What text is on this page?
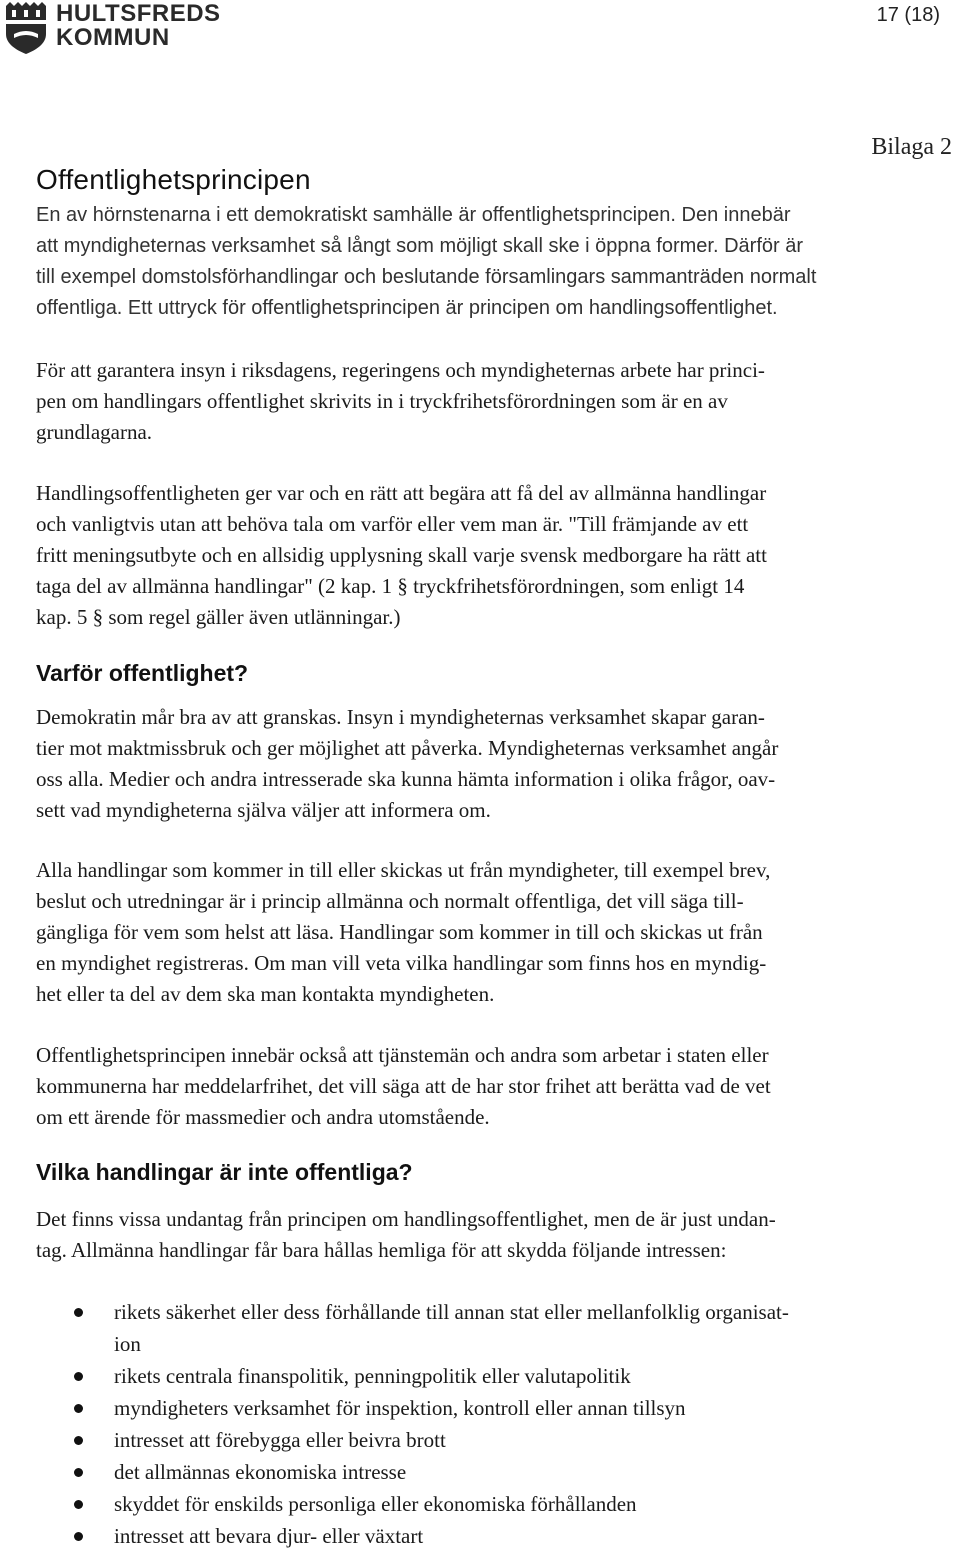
HULTSFREDS
KOMMUN
17 (18)
Bilaga 2
Offentlighetsprincipen
En av hörnstenarna i ett demokratiskt samhälle är offentlighetsprincipen. Den innebär
att myndigheternas verksamhet så långt som möjligt skall ske i öppna former. Därför är
till exempel domstolsförhandlingar och beslutande församlingars sammanträden normalt
offentliga. Ett uttryck för offentlighetsprincipen är principen om handlingsoffentlighet.
För att garantera insyn i riksdagens, regeringens och myndigheternas arbete har princi-
pen om handlingars offentlighet skrivits in i tryckfrihetsförordningen som är en av
grundlagarna.
Handlingsoffentligheten ger var och en rätt att begära att få del av allmänna handlingar
och vanligtvis utan att behöva tala om varför eller vem man är. "Till främjande av ett
fritt meningsutbyte och en allsidig upplysning skall varje svensk medborgare ha rätt att
taga del av allmänna handlingar" (2 kap. 1 § tryckfrihetsförordningen, som enligt 14
kap. 5 § som regel gäller även utlänningar.)
Varför offentlighet?
Demokratin mår bra av att granskas. Insyn i myndigheternas verksamhet skapar garan-
tier mot maktmissbruk och ger möjlighet att påverka. Myndigheternas verksamhet angår
oss alla. Medier och andra intresserade ska kunna hämta information i olika frågor, oav-
sett vad myndigheterna själva väljer att informera om.
Alla handlingar som kommer in till eller skickas ut från myndigheter, till exempel brev,
beslut och utredningar är i princip allmänna och normalt offentliga, det vill säga till-
gängliga för vem som helst att läsa. Handlingar som kommer in till och skickas ut från
en myndighet registreras. Om man vill veta vilka handlingar som finns hos en myndig-
het eller ta del av dem ska man kontakta myndigheten.
Offentlighetsprincipen innebär också att tjänstemän och andra som arbetar i staten eller
kommunerna har meddelarfrihet, det vill säga att de har stor frihet att berätta vad de vet
om ett ärende för massmedier och andra utomstående.
Vilka handlingar är inte offentliga?
Det finns vissa undantag från principen om handlingsoffentlighet, men de är just undan-
tag. Allmänna handlingar får bara hållas hemliga för att skydda följande intressen:
rikets säkerhet eller dess förhållande till annan stat eller mellanfolklig organisat-
ion
rikets centrala finanspolitik, penningpolitik eller valutapolitik
myndigheters verksamhet för inspektion, kontroll eller annan tillsyn
intresset att förebygga eller beivra brott
det allmännas ekonomiska intresse
skyddet för enskilds personliga eller ekonomiska förhållanden
intresset att bevara djur- eller växtart
